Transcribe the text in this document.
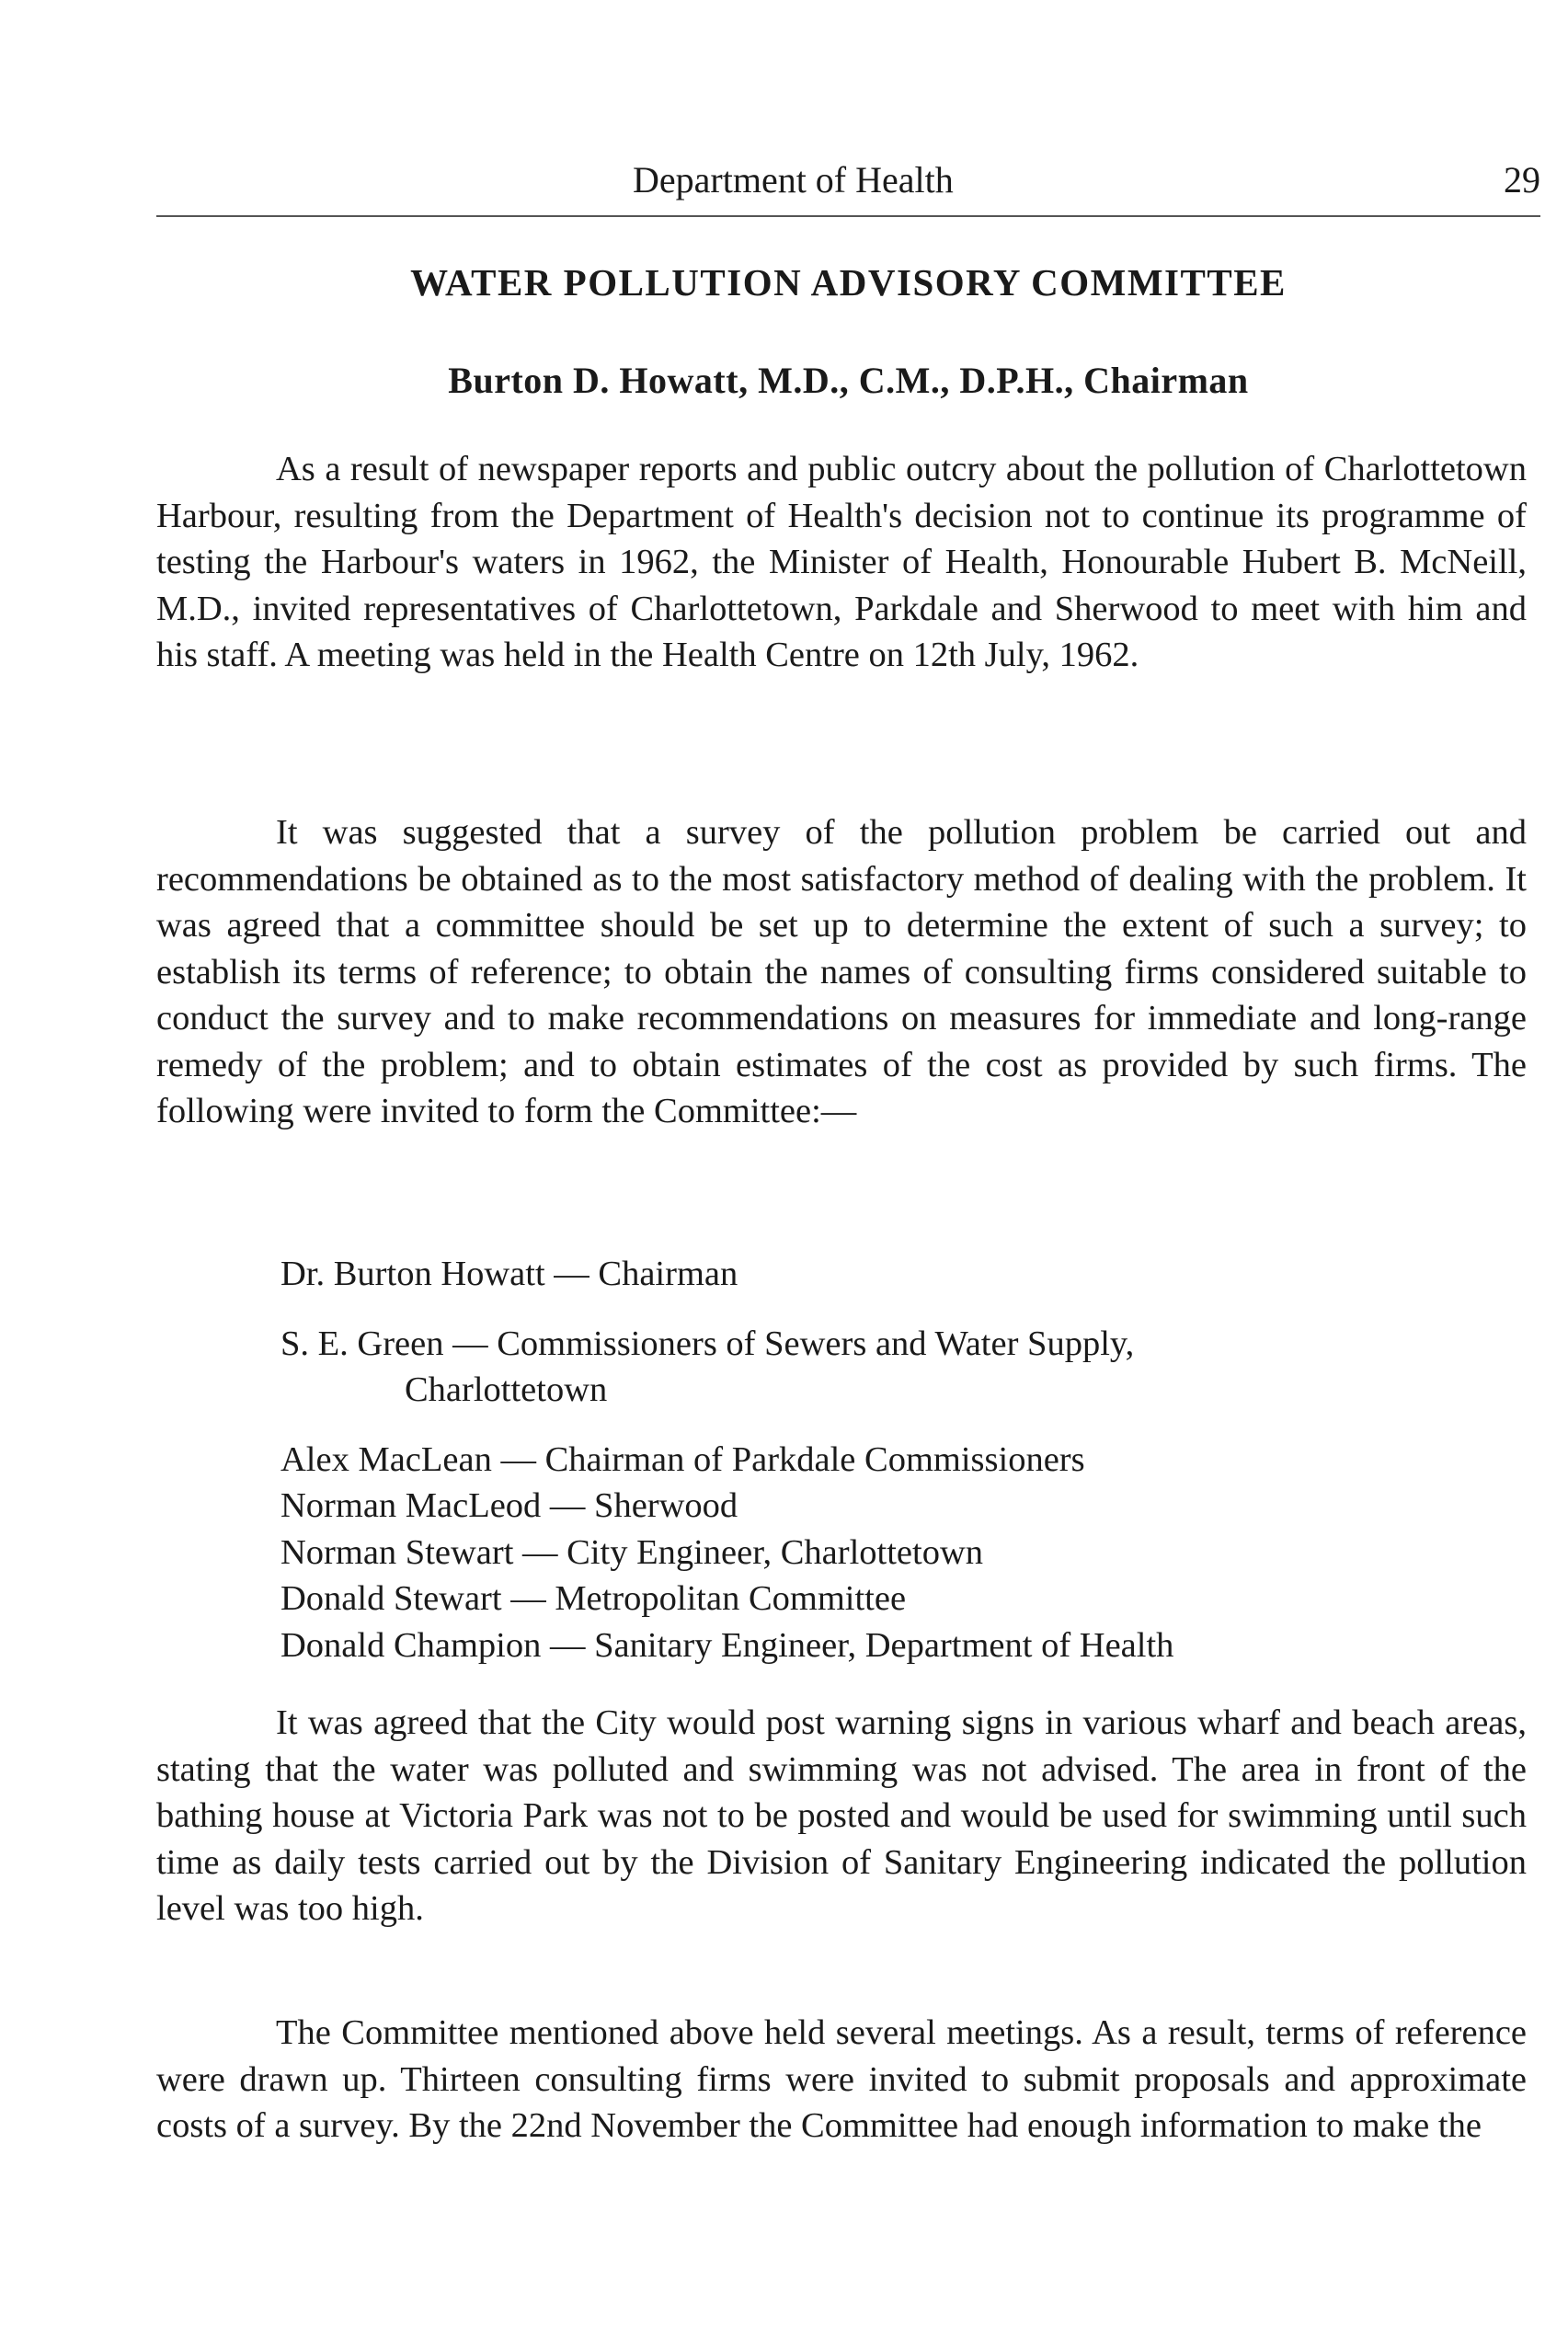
Department of Health	29
WATER POLLUTION ADVISORY COMMITTEE
Burton D. Howatt, M.D., C.M., D.P.H., Chairman

As a result of newspaper reports and public outcry about the pollution of Charlottetown Harbour, resulting from the Department of Health's decision not to continue its programme of testing the Harbour's waters in 1962, the Minister of Health, Honourable Hubert B. McNeill, M.D., invited representatives of Charlottetown, Parkdale and Sherwood to meet with him and his staff. A meeting was held in the Health Centre on 12th July, 1962.

It was suggested that a survey of the pollution problem be carried out and recommendations be obtained as to the most satisfactory method of dealing with the problem. It was agreed that a committee should be set up to determine the extent of such a survey; to establish its terms of reference; to obtain the names of consulting firms considered suitable to conduct the survey and to make recommendations on measures for immediate and long-range remedy of the problem; and to obtain estimates of the cost as provided by such firms. The following were invited to form the Committee:—

Dr. Burton Howatt — Chairman

S. E. Green — Commissioners of Sewers and Water Supply,
Charlottetown

Alex MacLean — Chairman of Parkdale Commissioners

Norman MacLeod — Sherwood

Norman Stewart — City Engineer, Charlottetown

Donald Stewart — Metropolitan Committee

Donald Champion — Sanitary Engineer, Department of Health

It was agreed that the City would post warning signs in various wharf and beach areas, stating that the water was polluted and swimming was not advised. The area in front of the bathing house at Victoria Park was not to be posted and would be used for swimming until such time as daily tests carried out by the Division of Sanitary Engineering indicated the pollution level was too high.

The Committee mentioned above held several meetings. As a result, terms of reference were drawn up. Thirteen consulting firms were invited to submit proposals and approximate costs of a survey. By the 22nd November the Committee had enough information to make the
